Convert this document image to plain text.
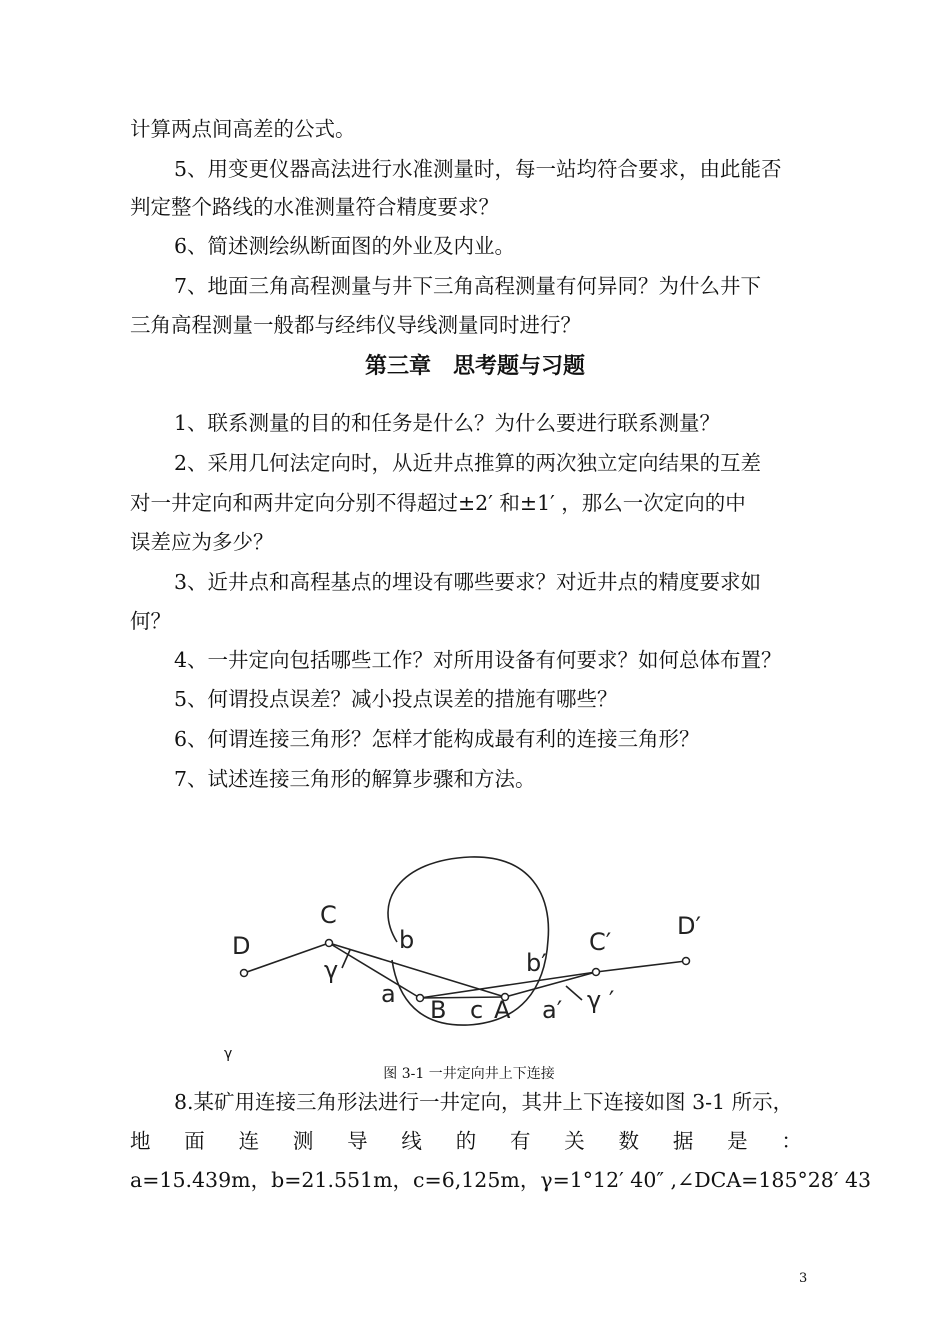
计算两点间高差的公式。
5、用变更仪器高法进行水准测量时，每一站均符合要求，由此能否
判定整个路线的水准测量符合精度要求？
6、简述测绘纵断面图的外业及内业。
7、地面三角高程测量与井下三角高程测量有何异同？为什么井下
三角高程测量一般都与经纬仪导线测量同时进行？
第三章　思考题与习题
1、联系测量的目的和任务是什么？为什么要进行联系测量？
2、采用几何法定向时，从近井点推算的两次独立定向结果的互差
对一井定向和两井定向分别不得超过±2′ 和±1′ ，那么一次定向的中
误差应为多少？
3、近井点和高程基点的埋设有哪些要求？对近井点的精度要求如
何？
4、一井定向包括哪些工作？对所用设备有何要求？如何总体布置？
5、何谓投点误差？减小投点误差的措施有哪些？
6、何谓连接三角形？怎样才能构成最有利的连接三角形？
7、试述连接三角形的解算步骤和方法。
D
C
b	C′
D′
γ	b′
a
B c A a′ γ ′
γ
图 3-1 一井定向井上下连接
8.某矿用连接三角形法进行一井定向，其井上下连接如图 3-1 所示，
地 面 连 测 导 线 的 有 关 数 据 是 ：
a=15.439m，b=21.551m，c=6,125m，γ=1°12′ 40″ ,∠DCA=185°28′ 43
3
